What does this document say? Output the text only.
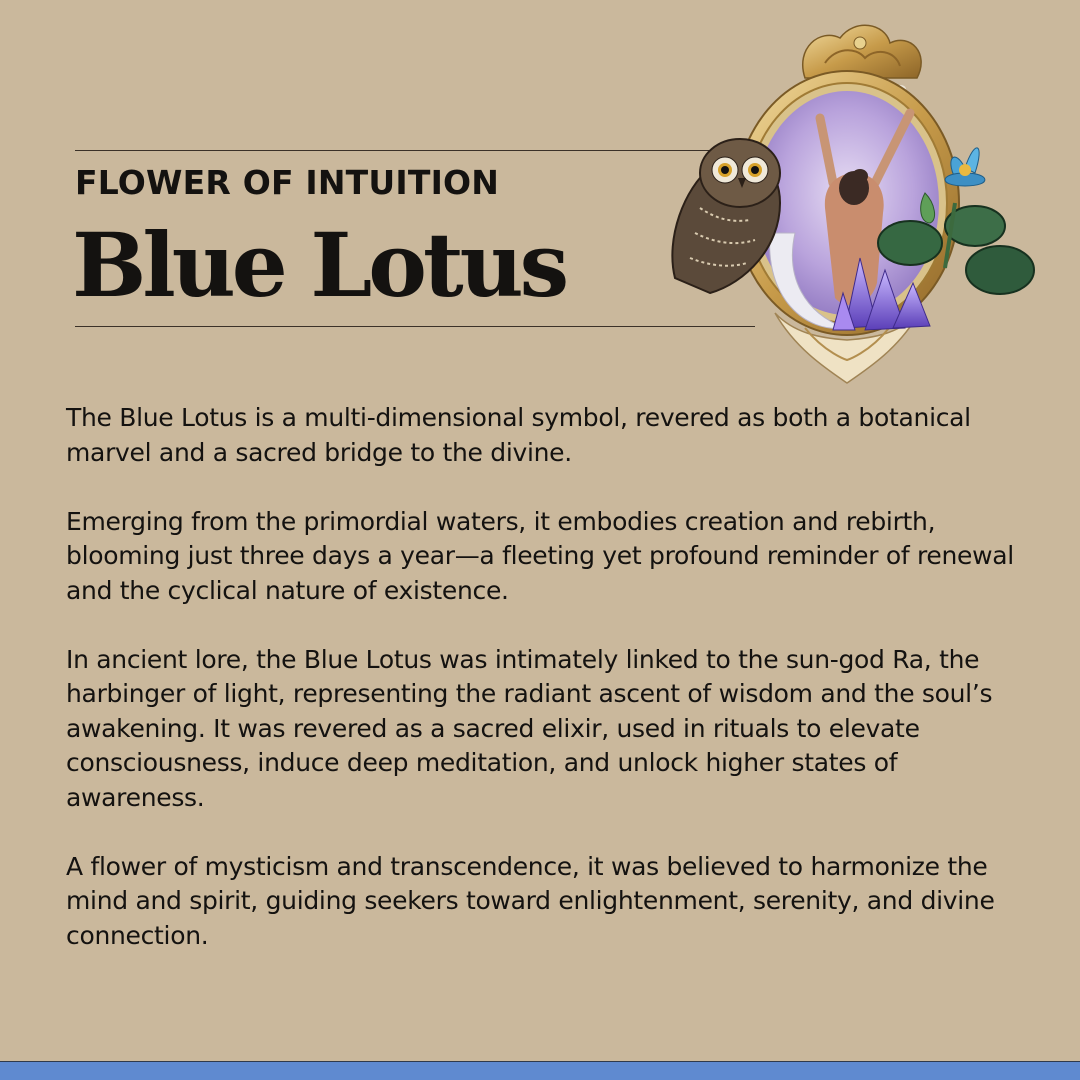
FLOWER OF INTUITION
Blue Lotus

The Blue Lotus is a multi-dimensional symbol, revered as both a botanical marvel and a sacred bridge to the divine.

Emerging from the primordial waters, it embodies creation and rebirth, blooming just three days a year—a fleeting yet profound reminder of renewal and the cyclical nature of existence.

In ancient lore, the Blue Lotus was intimately linked to the sun-god Ra, the harbinger of light, representing the radiant ascent of wisdom and the soul’s awakening. It was revered as a sacred elixir, used in rituals to elevate consciousness, induce deep meditation, and unlock higher states of awareness.

A flower of mysticism and transcendence, it was believed to harmonize the mind and spirit, guiding seekers toward enlightenment, serenity, and divine connection.
